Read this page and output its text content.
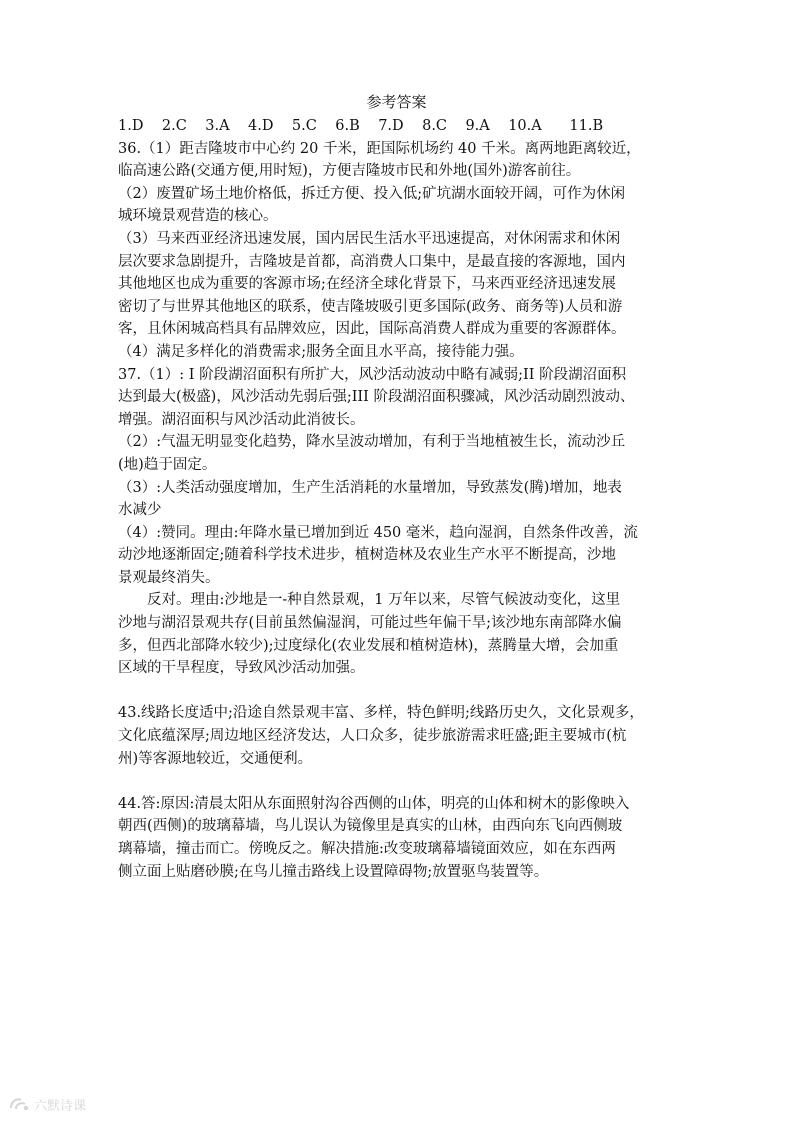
参考答案
1.D    2.C    3.A    4.D    5.C    6.B    7.D    8.C    9.A    10.A      11.B
36.（1）距吉隆坡市中心约 20 千米，距国际机场约 40 千米。离两地距离较近，
临高速公路(交通方便,用时短)，方便吉隆坡市民和外地(国外)游客前往。
（2）废置矿场土地价格低，拆迁方便、投入低;矿坑湖水面较开阔，可作为休闲
城环境景观营造的核心。
（3）马来西亚经济迅速发展，国内居民生活水平迅速提高，对休闲需求和休闲
层次要求急剧提升，吉隆坡是首都，高消费人口集中，是最直接的客源地，国内
其他地区也成为重要的客源市场;在经济全球化背景下，马来西亚经济迅速发展
密切了与世界其他地区的联系，使吉隆坡吸引更多国际(政务、商务等)人员和游
客，且休闲城高档具有品牌效应，因此，国际高消费人群成为重要的客源群体。
（4）满足多样化的消费需求;服务全面且水平高，接待能力强。
37.（1）: I 阶段湖沼面积有所扩大，风沙活动波动中略有减弱;II 阶段湖沼面积
达到最大(极盛)，风沙活动先弱后强;III 阶段湖沼面积骤减，风沙活动剧烈波动、
增强。湖沼面积与风沙活动此消彼长。
（2）:气温无明显变化趋势，降水呈波动增加，有利于当地植被生长，流动沙丘
(地)趋于固定。
（3）:人类活动强度增加，生产生活消耗的水量增加，导致蒸发(腾)增加，地表
水减少
（4）:赞同。理由:年降水量已增加到近 450 毫米，趋向湿润，自然条件改善，流
动沙地逐渐固定;随着科学技术进步，植树造林及农业生产水平不断提高，沙地
景观最终消失。
反对。理由:沙地是一-种自然景观，1 万年以来，尽管气候波动变化，这里
沙地与湖沼景观共存(目前虽然偏湿润，可能过些年偏干旱;该沙地东南部降水偏
多，但西北部降水较少);过度绿化(农业发展和植树造林)，蒸腾量大增，会加重
区域的干旱程度，导致风沙活动加强。
43.线路长度适中;沿途自然景观丰富、多样，特色鲜明;线路历史久，文化景观多，
文化底蕴深厚;周边地区经济发达，人口众多，徒步旅游需求旺盛;距主要城市(杭
州)等客源地较近，交通便利。
44.答:原因:清晨太阳从东面照射沟谷西侧的山体，明亮的山体和树木的影像映入
朝西(西侧)的玻璃幕墙，鸟儿误认为镜像里是真实的山林，由西向东飞向西侧玻
璃幕墙，撞击而亡。傍晚反之。解决措施:改变玻璃幕墙镜面效应，如在东西两
侧立面上贴磨砂膜;在鸟儿撞击路线上设置障碍物;放置驱鸟装置等。
六默诗课
